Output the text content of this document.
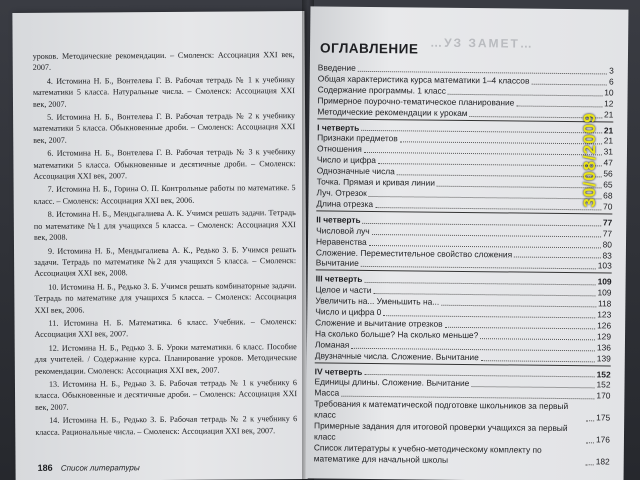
уроков. Методические рекомендации. – Смоленск: Ассоциация XXI век, 2007.

4. Истомина Н. Б., Вонтелева Г. В. Рабочая тетрадь № 1 к учебнику математики 5 класса. Натуральные числа. – Смоленск: Ассоциация XXI век, 2007.

5. Истомина Н. Б., Вонтелева Г. В. Рабочая тетрадь № 2 к учебнику математики 5 класса. Обыкновенные дроби. – Смоленск: Ассоциация XXI век, 2007.

6. Истомина Н. Б., Вонтелева Г. В. Рабочая тетрадь № 3 к учебнику математики 5 класса. Обыкновенные и десятичные дроби. – Смоленск: Ассоциация XXI век, 2007.

7. Истомина Н. Б., Горина О. П. Контрольные работы по математике. 5 класс. – Смоленск: Ассоциация XXI век, 2006.

8. Истомина Н. Б., Мендыгалиева А. К. Учимся решать задачи. Тетрадь по математике №1 для учащихся 5 класса. – Смоленск: Ассоциация XXI век, 2008.

9. Истомина Н. Б., Мендыгалиева А. К., Редько З. Б. Учимся решать задачи. Тетрадь по математике №2 для учащихся 5 класса. – Смоленск: Ассоциация XXI век, 2008.

10. Истомина Н. Б., Редько З. Б. Учимся решать комбинаторные задачи. Тетрадь по математике для учащихся 5 класса. – Смоленск: Ассоциация XXI век, 2006.

11. Истомина Н. Б. Математика. 6 класс. Учебник. – Смоленск: Ассоциация XXI век, 2007.

12. Истомина Н. Б., Редько З. Б. Уроки математики. 6 класс. Пособие для учителей. / Содержание курса. Планирование уроков. Методические рекомендации. Смоленск: Ассоциация XXI век, 2007.

13. Истомина Н. Б., Редько З. Б. Рабочая тетрадь № 1 к учебнику 6 класса. Обыкновенные и десятичные дроби. – Смоленск: Ассоциация XXI век, 2007.

14. Истомина Н. Б., Редько З. Б. Рабочая тетрадь № 2 к учебнику 6 класса. Рациональные числа. – Смоленск: Ассоциация XXI век, 2007.

186 Список литературы
…УЗ ЗАМЕТ…
ОГЛАВЛЕНИЕ
Введение	3
Общая характеристика курса математики 1–4 классов	6
Содержание программы. 1 класс	10
Примерное поурочно-тематическое планирование	12
Методические рекомендации к урокам	21
I четверть	21
Признаки предметов	21
Отношения	31
Число и цифра	47
Однозначные числа	56
Точка. Прямая и кривая линии	65
Луч. Отрезок	68
Длина отрезка	70
II четверть	77
Числовой луч	77
Неравенства	80
Сложение. Переместительное свойство сложения	83
Вычитание	103
III четверть	109
Целое и части	109
Увеличить на... Уменьшить на...	118
Число и цифра 0	123
Сложение и вычитание отрезков	126
На сколько больше? На сколько меньше?	129
Ломаная	136
Двузначные числа. Сложение. Вычитание	139
IV четверть	152
Единицы длины. Сложение. Вычитание	152
Масса	170
Требования к математической подготовке школьников за первый класс	175
Примерные задания для итоговой проверки учащихся за первый класс	176
Список литературы к учебно-методическому комплекту по математике для начальной школы	182
30/08/2009
